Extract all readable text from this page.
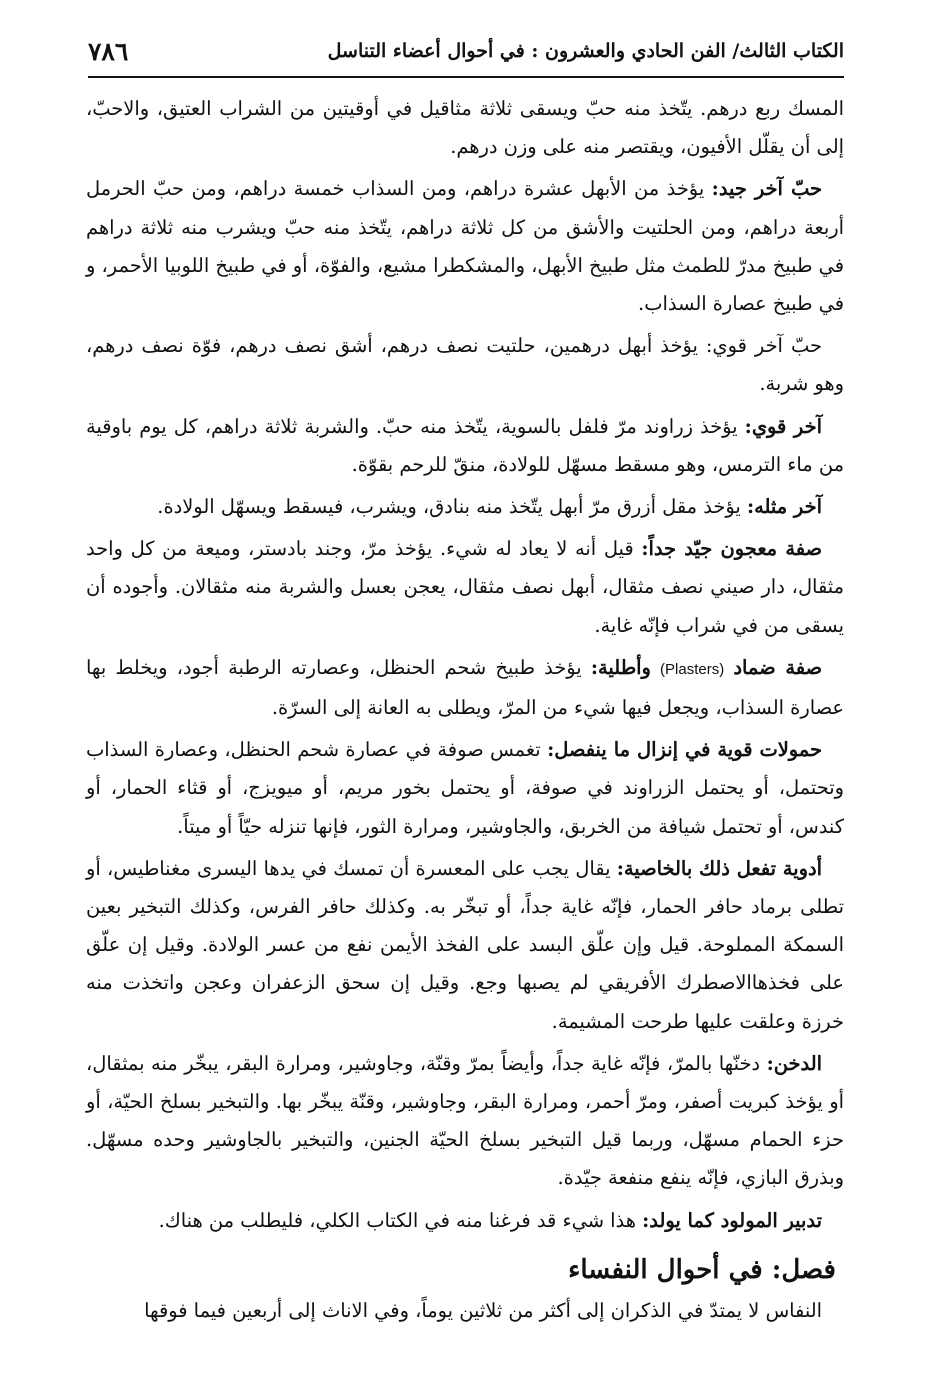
الكتاب الثالث/ الفن الحادي والعشرون : في أحوال أعضاء التناسل
٧٨٦

المسك ربع درهم. يتّخذ منه حبّ ويسقى ثلاثة مثاقيل في أوقيتين من الشراب العتيق، والاحبّ، إلى أن يقلّل الأفيون، ويقتصر منه على وزن درهم.

حبّ آخر جيد: يؤخذ من الأبهل عشرة دراهم، ومن السذاب خمسة دراهم، ومن حبّ الحرمل أربعة دراهم، ومن الحلتيت والأشق من كل ثلاثة دراهم، يتّخذ منه حبّ ويشرب منه ثلاثة دراهم في طبيخ مدرّ للطمث مثل طبيخ الأبهل، والمشكطرا مشيع، والفوّة، أو في طبيخ اللوبيا الأحمر، و في طبيخ عصارة السذاب.

حبّ آخر قوي: يؤخذ أبهل درهمين، حلتيت نصف درهم، أشق نصف درهم، فوّة نصف درهم، وهو شربة.

آخر قوي: يؤخذ زراوند مرّ فلفل بالسوية، يتّخذ منه حبّ. والشربة ثلاثة دراهم، كل يوم باوقية من ماء الترمس، وهو مسقط مسهّل للولادة، منقّ للرحم بقوّة.

آخر مثله: يؤخذ مقل أزرق مرّ أبهل يتّخذ منه بنادق، ويشرب، فيسقط ويسهّل الولادة.

صفة معجون جيّد جداً: قيل أنه لا يعاد له شيء. يؤخذ مرّ، وجند بادستر، وميعة من كل واحد مثقال، دار صيني نصف مثقال، أبهل نصف مثقال، يعجن بعسل والشربة منه مثقالان. وأجوده أن يسقى من في شراب فإنّه غاية.

صفة ضماد (Plasters) وأطلية: يؤخذ طبيخ شحم الحنظل، وعصارته الرطبة أجود، ويخلط بها عصارة السذاب، ويجعل فيها شيء من المرّ، ويطلى به العانة إلى السرّة.

حمولات قوية في إنزال ما ينفصل: تغمس صوفة في عصارة شحم الحنظل، وعصارة السذاب وتحتمل، أو يحتمل الزراوند في صوفة، أو يحتمل بخور مريم، أو ميويزج، أو قثاء الحمار، أو كندس، أو تحتمل شيافة من الخربق، والجاوشير، ومرارة الثور، فإنها تنزله حيّاً أو ميتاً.

أدوية تفعل ذلك بالخاصية: يقال يجب على المعسرة أن تمسك في يدها اليسرى مغناطيس، أو تطلى برماد حافر الحمار، فإنّه غاية جداً، أو تبخّر به. وكذلك حافر الفرس، وكذلك التبخير بعين السمكة المملوحة. قيل وإن علّق البسد على الفخذ الأيمن نفع من عسر الولادة. وقيل إن علّق على فخذهاالاصطرك الأفريقي لم يصبها وجع. وقيل إن سحق الزعفران وعجن واتخذت منه خرزة وعلقت عليها طرحت المشيمة.

الدخن: دخنّها بالمرّ، فإنّه غاية جداً، وأيضاً بمرّ وقنّة، وجاوشير، ومرارة البقر، يبخّر منه بمثقال، أو يؤخذ كبريت أصفر، ومرّ أحمر، ومرارة البقر، وجاوشير، وقنّة يبخّر بها. والتبخير بسلخ الحيّة، أو حزء الحمام مسهّل، وربما قيل التبخير بسلخ الحيّة الجنين، والتبخير بالجاوشير وحده مسهّل. وبذرق البازي، فإنّه ينفع منفعة جيّدة.

تدبير المولود كما يولد: هذا شيء قد فرغنا منه في الكتاب الكلي، فليطلب من هناك.

فصل: في أحوال النفساء

النفاس لا يمتدّ في الذكران إلى أكثر من ثلاثين يوماً، وفي الاناث إلى أربعين فيما فوقها
